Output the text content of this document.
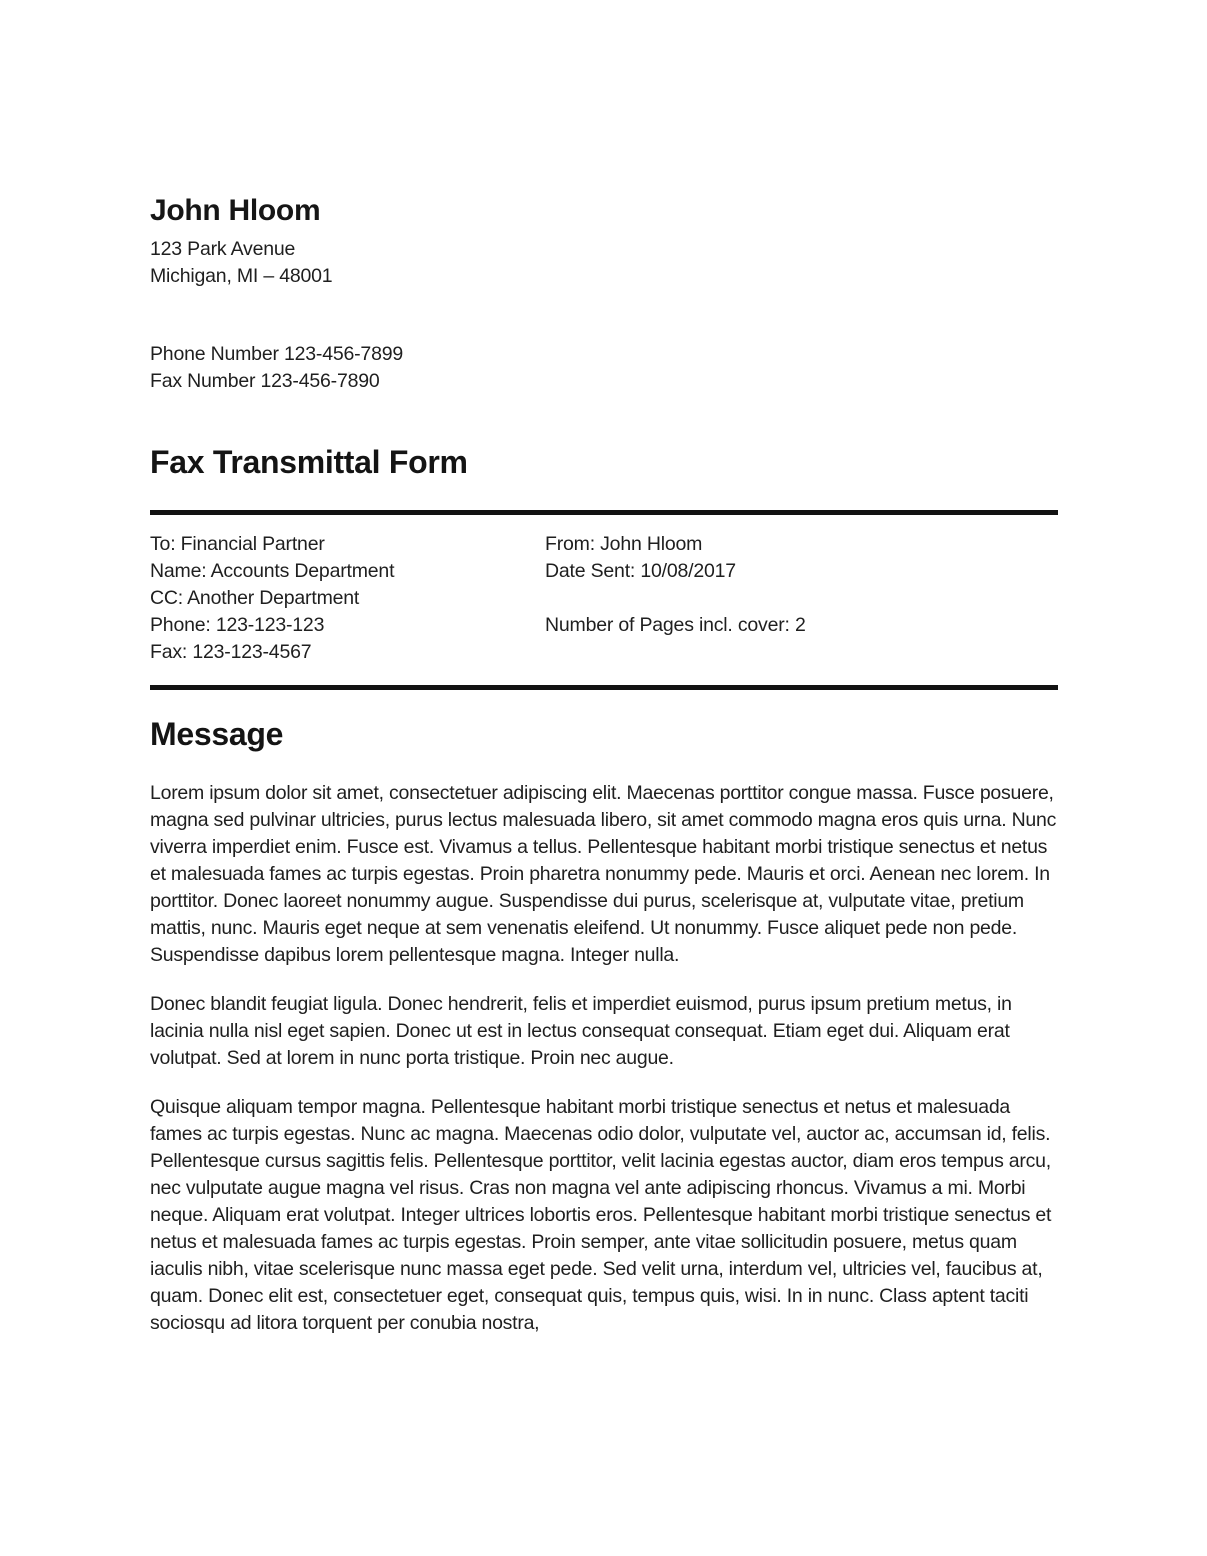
John Hloom
123 Park Avenue
Michigan, MI – 48001
Phone Number 123-456-7899
Fax Number 123-456-7890
Fax Transmittal Form
To: Financial Partner
Name: Accounts Department
CC: Another Department
Phone: 123-123-123
Fax: 123-123-4567
From: John Hloom
Date Sent: 10/08/2017
Number of Pages incl. cover: 2
Message

Lorem ipsum dolor sit amet, consectetuer adipiscing elit. Maecenas porttitor congue massa. Fusce posuere, magna sed pulvinar ultricies, purus lectus malesuada libero, sit amet commodo magna eros quis urna. Nunc viverra imperdiet enim. Fusce est. Vivamus a tellus. Pellentesque habitant morbi tristique senectus et netus et malesuada fames ac turpis egestas. Proin pharetra nonummy pede. Mauris et orci. Aenean nec lorem. In porttitor. Donec laoreet nonummy augue. Suspendisse dui purus, scelerisque at, vulputate vitae, pretium mattis, nunc. Mauris eget neque at sem venenatis eleifend. Ut nonummy. Fusce aliquet pede non pede. Suspendisse dapibus lorem pellentesque magna. Integer nulla.

Donec blandit feugiat ligula. Donec hendrerit, felis et imperdiet euismod, purus ipsum pretium metus, in lacinia nulla nisl eget sapien. Donec ut est in lectus consequat consequat. Etiam eget dui. Aliquam erat volutpat. Sed at lorem in nunc porta tristique. Proin nec augue.

Quisque aliquam tempor magna. Pellentesque habitant morbi tristique senectus et netus et malesuada fames ac turpis egestas. Nunc ac magna. Maecenas odio dolor, vulputate vel, auctor ac, accumsan id, felis. Pellentesque cursus sagittis felis. Pellentesque porttitor, velit lacinia egestas auctor, diam eros tempus arcu, nec vulputate augue magna vel risus. Cras non magna vel ante adipiscing rhoncus. Vivamus a mi. Morbi neque. Aliquam erat volutpat. Integer ultrices lobortis eros. Pellentesque habitant morbi tristique senectus et netus et malesuada fames ac turpis egestas. Proin semper, ante vitae sollicitudin posuere, metus quam iaculis nibh, vitae scelerisque nunc massa eget pede. Sed velit urna, interdum vel, ultricies vel, faucibus at, quam. Donec elit est, consectetuer eget, consequat quis, tempus quis, wisi. In in nunc. Class aptent taciti sociosqu ad litora torquent per conubia nostra,
